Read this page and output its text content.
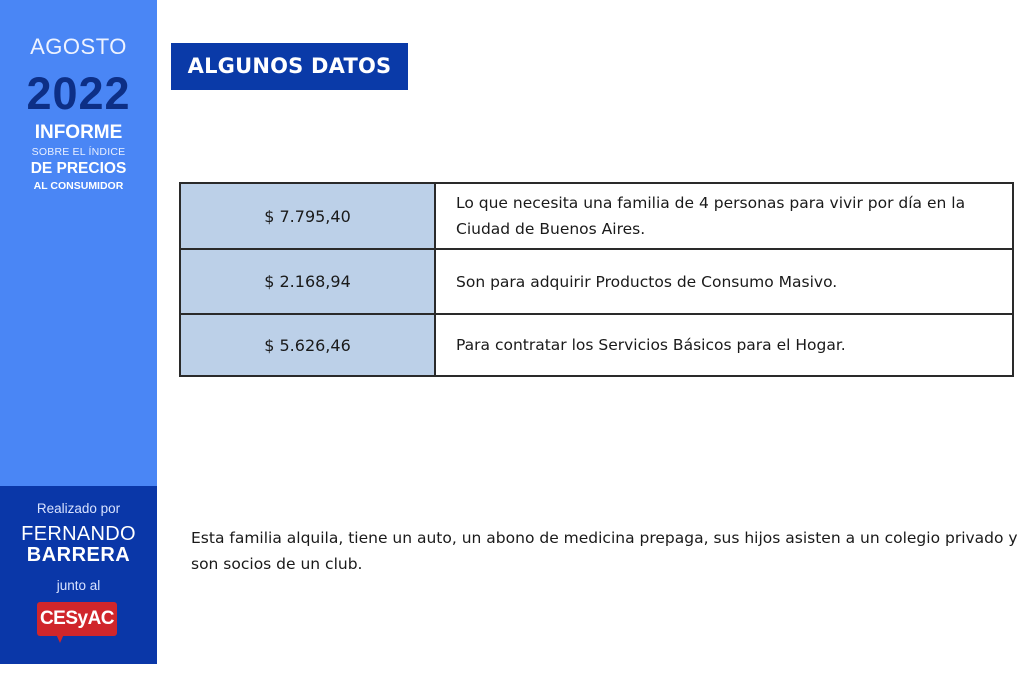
AGOSTO
2022
INFORME
SOBRE EL ÍNDICE
DE PRECIOS
AL CONSUMIDOR
Realizado por
FERNANDO
BARRERA
junto al
CESyAC
ALGUNOS DATOS
$ 7.795,40	Lo que necesita una familia de 4 personas para vivir por día en la Ciudad de Buenos Aires.
$ 2.168,94	Son para adquirir Productos de Consumo Masivo.
$ 5.626,46	Para contratar los Servicios Básicos para el Hogar.
Esta familia alquila, tiene un auto, un abono de medicina prepaga, sus hijos asisten a un colegio privado y son socios de un club.
